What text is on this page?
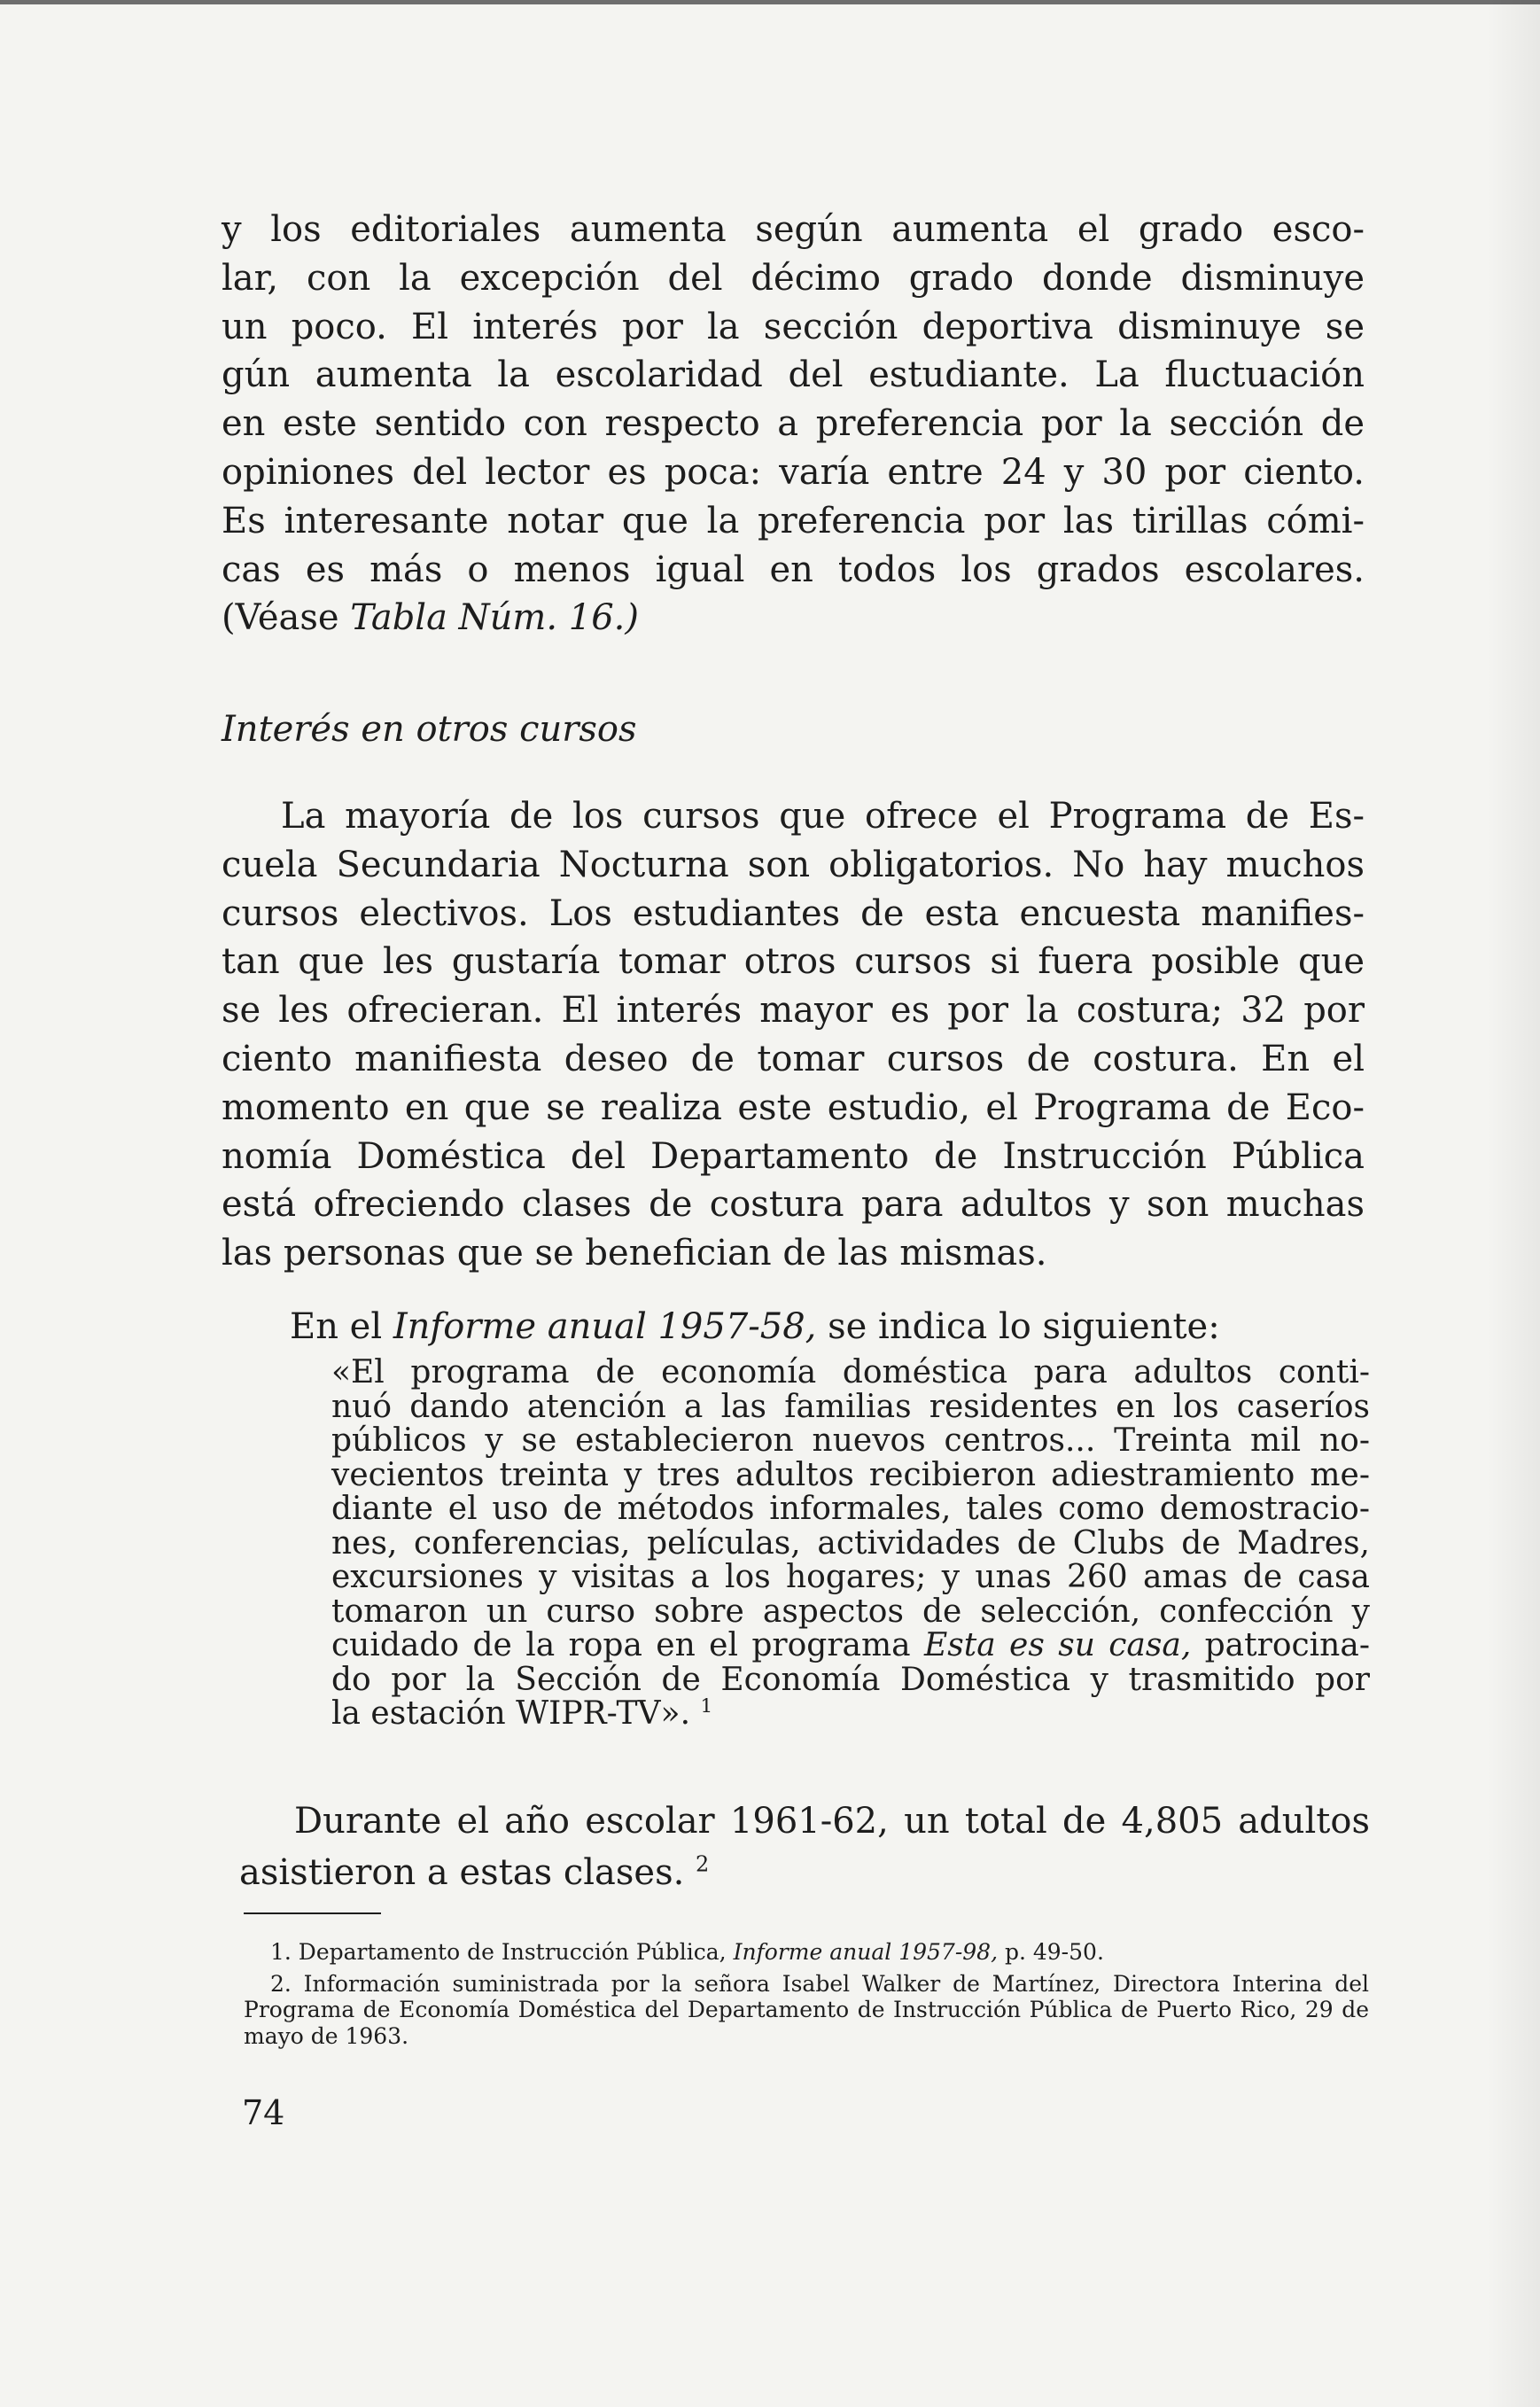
y los editoriales aumenta según aumenta el grado esco-
lar, con la excepción del décimo grado donde disminuye
un poco. El interés por la sección deportiva disminuye se
gún aumenta la escolaridad del estudiante. La fluctuación
en este sentido con respecto a preferencia por la sección de
opiniones del lector es poca: varía entre 24 y 30 por ciento.
Es interesante notar que la preferencia por las tirillas cómi-
cas es más o menos igual en todos los grados escolares.
(Véase Tabla Núm. 16.)

Interés en otros cursos

La mayoría de los cursos que ofrece el Programa de Es-
cuela Secundaria Nocturna son obligatorios. No hay muchos
cursos electivos. Los estudiantes de esta encuesta manifies-
tan que les gustaría tomar otros cursos si fuera posible que
se les ofrecieran. El interés mayor es por la costura; 32 por
ciento manifiesta deseo de tomar cursos de costura. En el
momento en que se realiza este estudio, el Programa de Eco-
nomía Doméstica del Departamento de Instrucción Pública
está ofreciendo clases de costura para adultos y son muchas
las personas que se benefician de las mismas.

En el Informe anual 1957-58, se indica lo siguiente:

«El programa de economía doméstica para adultos conti-
nuó dando atención a las familias residentes en los caseríos
públicos y se establecieron nuevos centros... Treinta mil no-
vecientos treinta y tres adultos recibieron adiestramiento me-
diante el uso de métodos informales, tales como demostracio-
nes, conferencias, películas, actividades de Clubs de Madres,
excursiones y visitas a los hogares; y unas 260 amas de casa
tomaron un curso sobre aspectos de selección, confección y
cuidado de la ropa en el programa Esta es su casa, patrocina-
do por la Sección de Economía Doméstica y trasmitido por
la estación WIPR-TV». $^1$
Durante el año escolar 1961-62, un total de 4,805 adultos
asistieron a estas clases. $^2$
1. Departamento de Instrucción Pública, Informe anual 1957-98, p. 49-50.
2. Información suministrada por la señora Isabel Walker de Martínez, Directora Interina del Programa de Economía Doméstica del Departamento de Instrucción Pública de Puerto Rico, 29 de mayo de 1963.

74
